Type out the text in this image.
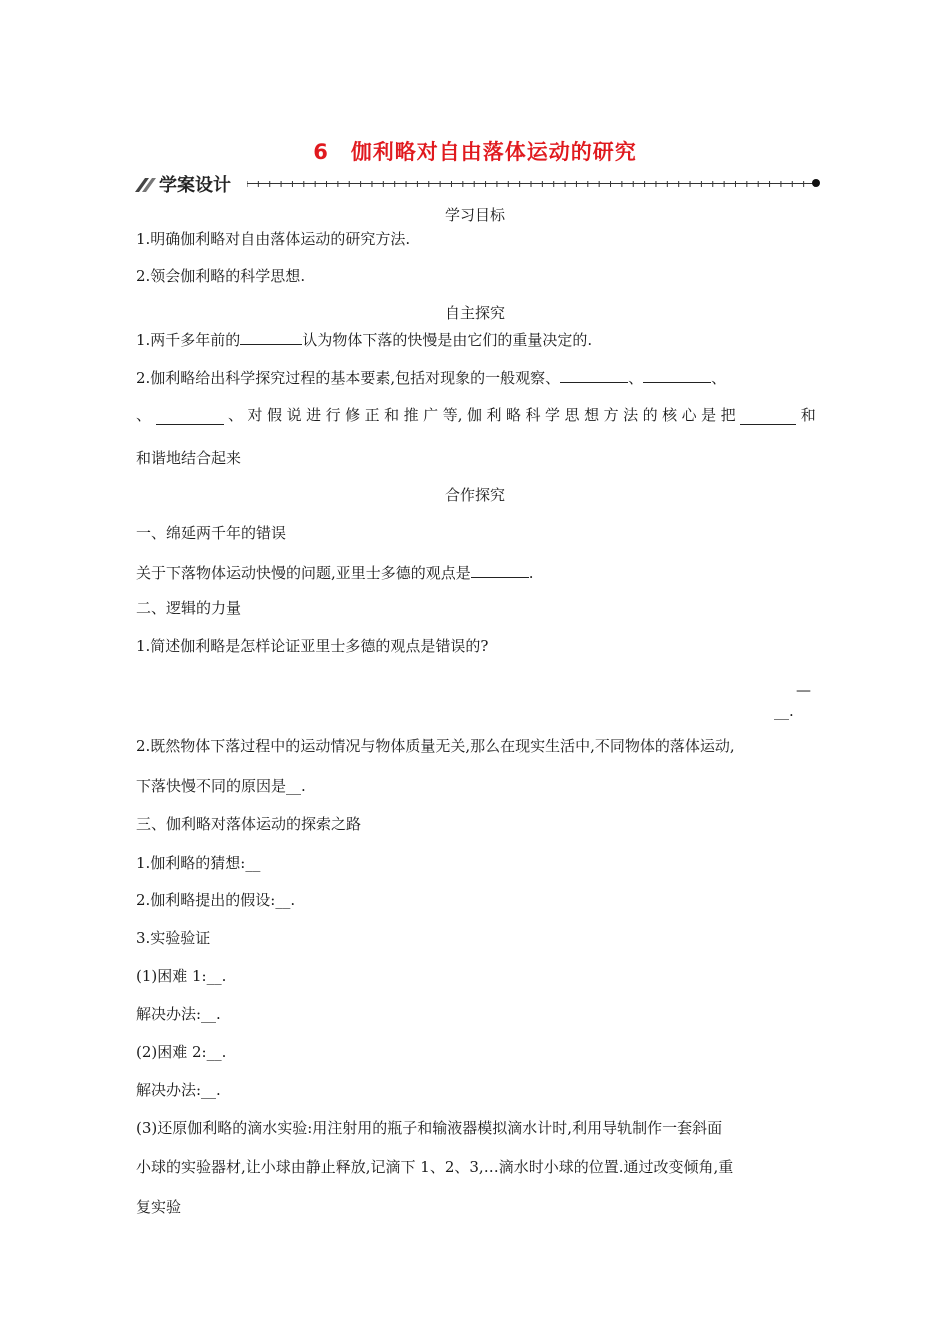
6 伽利略对自由落体运动的研究
学案设计
学习目标
1.明确伽利略对自由落体运动的研究方法.
2.领会伽利略的科学思想.
自主探究
1.两千多年前的	认为物体下落的快慢是由它们的重量决定的.
2.伽利略给出科学探究过程的基本要素,包括对现象的一般观察、	、	、
、	、 对 假 说 进 行 修 正 和 推 广 等, 伽 利 略 科 学 思 想 方 法 的 核 心 是 把	和
和谐地结合起来
合作探究
一、绵延两千年的错误
关于下落物体运动快慢的问题,亚里士多德的观点是	.
二、逻辑的力量
1.简述伽利略是怎样论证亚里士多德的观点是错误的?
—
__.
2.既然物体下落过程中的运动情况与物体质量无关,那么在现实生活中,不同物体的落体运动,
下落快慢不同的原因是__.
三、伽利略对落体运动的探索之路
1.伽利略的猜想:__
2.伽利略提出的假设:__.
3.实验验证
(1)困难 1:__.
解决办法:__.
(2)困难 2:__.
解决办法:__.
(3)还原伽利略的滴水实验:用注射用的瓶子和输液器模拟滴水计时,利用导轨制作一套斜面
小球的实验器材,让小球由静止释放,记滴下 1、2、3,…滴水时小球的位置.通过改变倾角,重
复实验
